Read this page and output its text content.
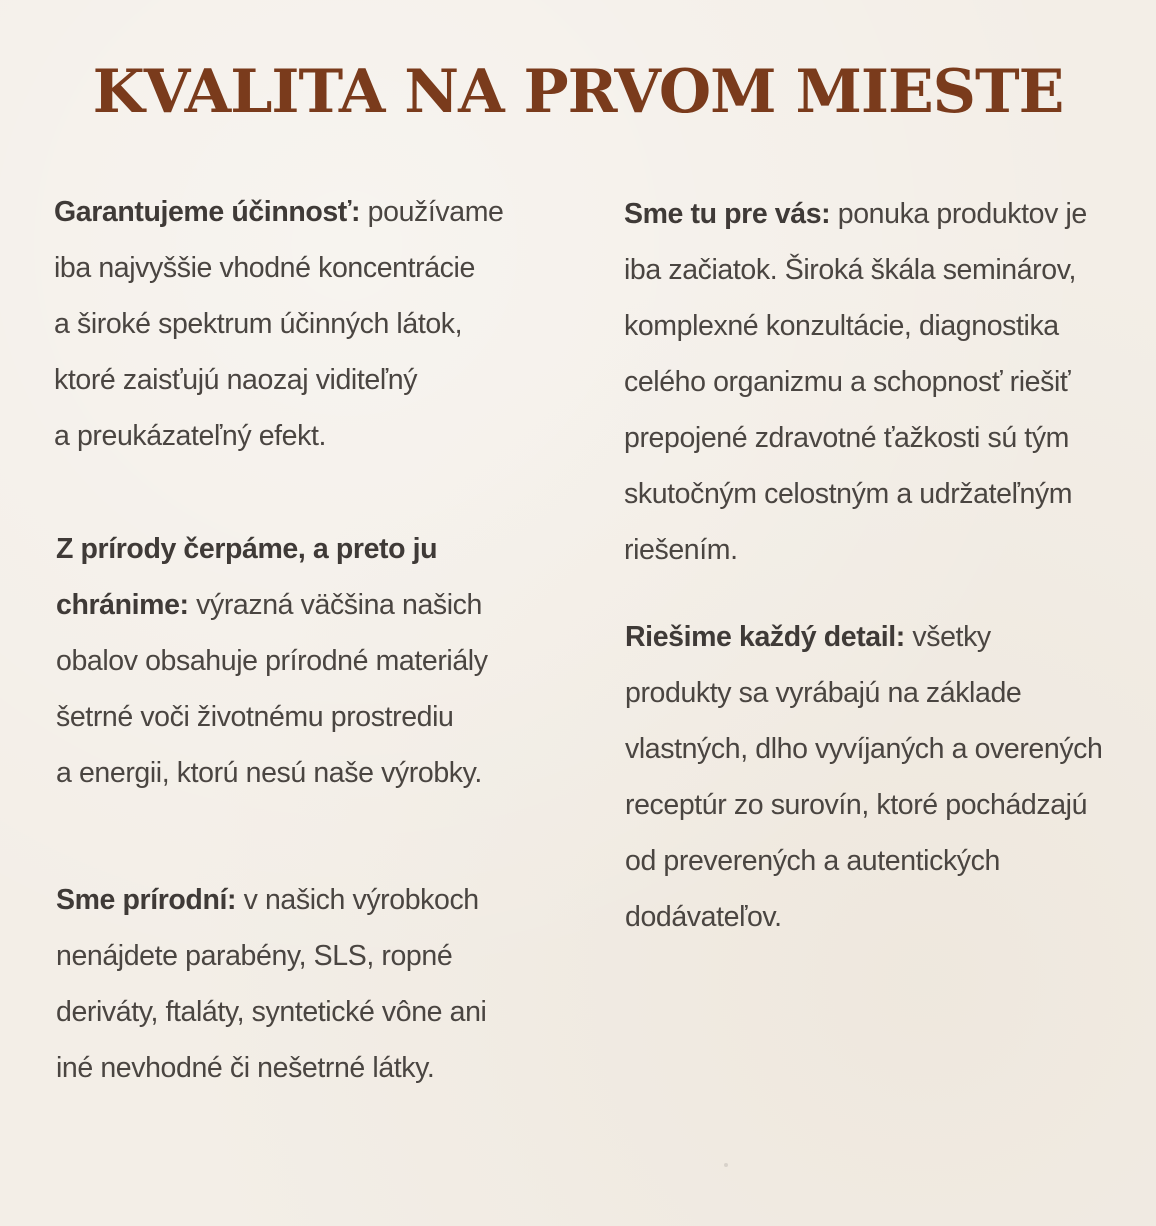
KVALITA NA PRVOM MIESTE

Garantujeme účinnosť: používame
iba najvyššie vhodné koncentrácie
a široké spektrum účinných látok,
ktoré zaisťujú naozaj viditeľný
a preukázateľný efekt.

Z prírody čerpáme, a preto ju
chránime: výrazná väčšina našich
obalov obsahuje prírodné materiály
šetrné voči životnému prostrediu
a energii, ktorú nesú naše výrobky.

Sme prírodní: v našich výrobkoch
nenájdete parabény, SLS, ropné
deriváty, ftaláty, syntetické vône ani
iné nevhodné či nešetrné látky.

Sme tu pre vás: ponuka produktov je
iba začiatok. Široká škála seminárov,
komplexné konzultácie, diagnostika
celého organizmu a schopnosť riešiť
prepojené zdravotné ťažkosti sú tým
skutočným celostným a udržateľným
riešením.

Riešime každý detail: všetky
produkty sa vyrábajú na základe
vlastných, dlho vyvíjaných a overených
receptúr zo surovín, ktoré pochádzajú
od preverených a autentických
dodávateľov.
